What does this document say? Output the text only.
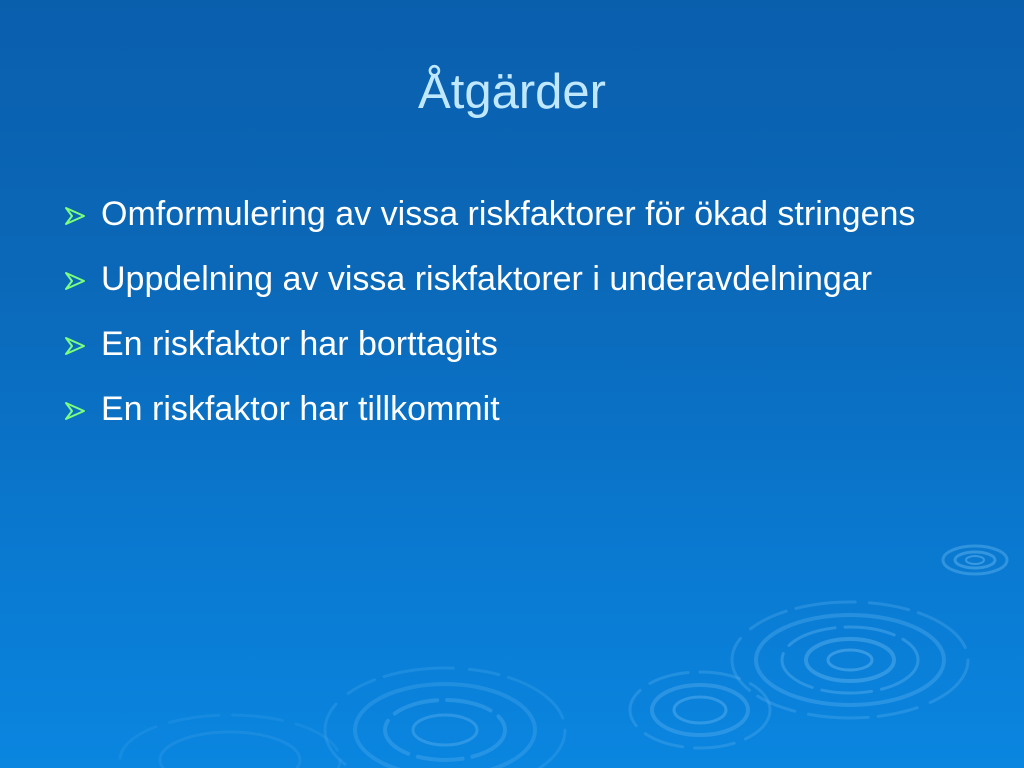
Åtgärder
Omformulering av vissa riskfaktorer för ökad stringens
Uppdelning av vissa riskfaktorer i underavdelningar
En riskfaktor har borttagits
En riskfaktor har tillkommit
